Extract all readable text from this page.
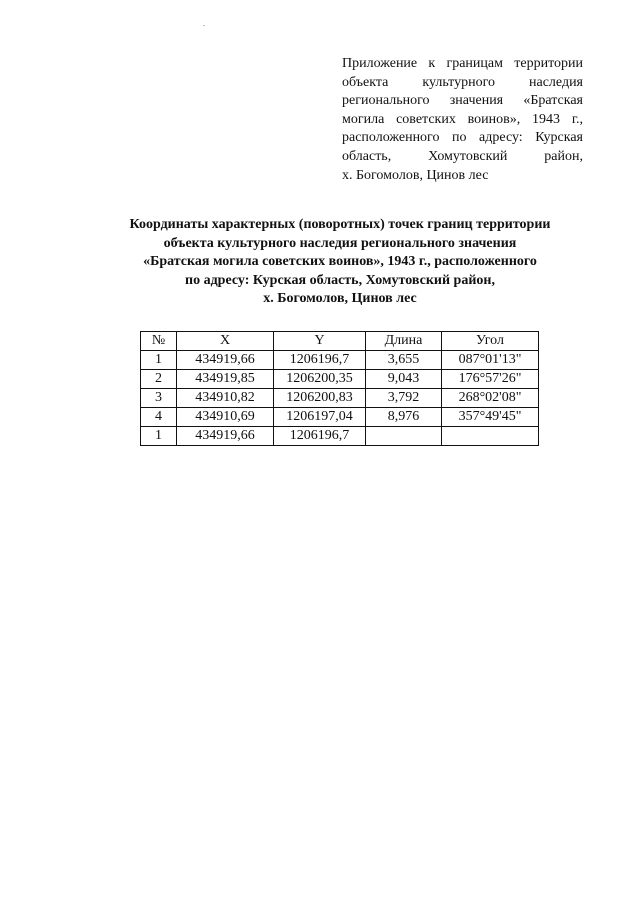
Приложение к границам территории
объекта культурного наследия
регионального значения «Братская
могила советских воинов», 1943 г.,
расположенного по адресу: Курская
область, Хомутовский район,
х. Богомолов, Цинов лес
Координаты характерных (поворотных) точек границ территории
объекта культурного наследия регионального значения
«Братская могила советских воинов», 1943 г., расположенного
по адресу: Курская область, Хомутовский район,
х. Богомолов, Цинов лес
№	X	Y	Длина	Угол
1	434919,66	1206196,7	3,655	087°01'13"
2	434919,85	1206200,35	9,043	176°57'26"
3	434910,82	1206200,83	3,792	268°02'08"
4	434910,69	1206197,04	8,976	357°49'45"
1	434919,66	1206196,7		
